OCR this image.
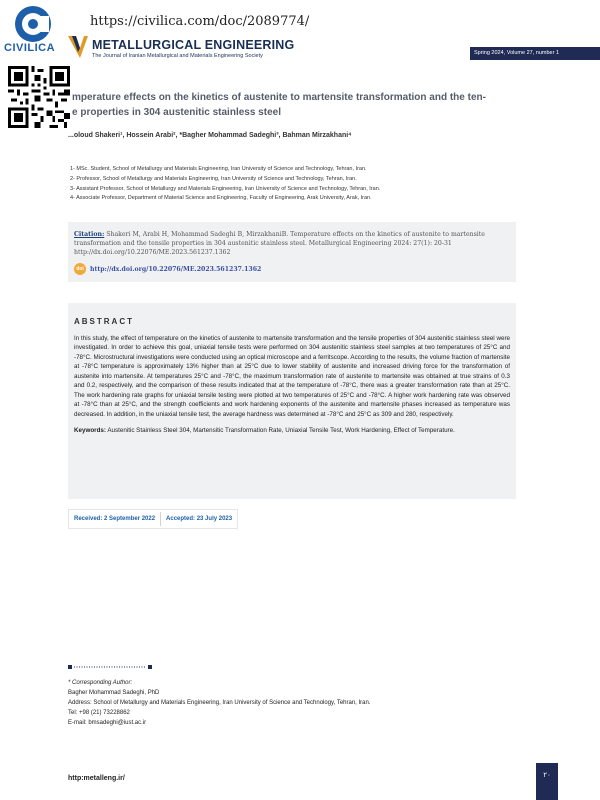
CIVILICA
https://civilica.com/doc/2089774/
METALLURGICAL ENGINEERING
The Journal of Iranian Metallurgical and Materials Engineering Society	Spring 2024, Volume 27, number 1
mperature effects on the kinetics of austenite to martensite transformation and the ten-
e properties in 304 austenitic stainless steel
...oloud Shakeri¹, Hossein Arabi², *Bagher Mohammad Sadeghi³, Bahman Mirzakhani⁴
1- MSc. Student, School of Metallurgy and Materials Engineering, Iran University of Science and Technology, Tehran, Iran.
2- Professor, School of Metallurgy and Materials Engineering, Iran University of Science and Technology, Tehran, Iran.
3- Assistant Professor, School of Metallurgy and Materials Engineering, Iran University of Science and Technology, Tehran, Iran.
4- Associate Professor, Department of Material Science and Engineering, Faculty of Engineering, Arak University, Arak, Iran.
Citation: Shakeri M, Arabi H, Mohammad Sadeghi B, MirzakhaniB. Temperature effects on the kinetics of austenite to martensite transformation and the tensile properties in 304 austenitic stainless steel. Metallurgical Engineering 2024: 27(1): 20-31 http://dx.doi.org/10.22076/ME.2023.561237.1362
doi	http://dx.doi.org/10.22076/ME.2023.561237.1362
ABSTRACT
In this study, the effect of temperature on the kinetics of austenite to martensite transformation and the tensile properties of 304 austenitic stainless steel were investigated. In order to achieve this goal, uniaxial tensile tests were performed on 304 austenitic stainless steel samples at two temperatures of 25°C and -78°C. Microstructural investigations were conducted using an optical microscope and a ferritscope. According to the results, the volume fraction of martensite at -78°C temperature is approximately 13% higher than at 25°C due to lower stability of austenite and increased driving force for the transformation of austenite into martensite. At temperatures 25°C and -78°C, the maximum transformation rate of austenite to martensite was obtained at true strains of 0.3 and 0.2, respectively, and the comparison of these results indicated that at the temperature of -78°C, there was a greater transformation rate than at 25°C. The work hardening rate graphs for uniaxial tensile testing were plotted at two temperatures of 25°C and -78°C. A higher work hardening rate was observed at -78°C than at 25°C, and the strength coefficients and work hardening exponents of the austenite and martensite phases increased as temperature was decreased. In addition, in the uniaxial tensile test, the average hardness was determined at -78°C and 25°C as 309 and 280, respectively.
Keywords: Austenitic Stainless Steel 304, Martensitic Transformation Rate, Uniaxial Tensile Test, Work Hardening, Effect of Temperature.
Received: 2 September 2022	Accepted: 23 July 2023
* Corresponding Author:
Bagher Mohammad Sadeghi, PhD
Address: School of Metallurgy and Materials Engineering, Iran University of Science and Technology, Tehran, Iran.
Tel: +98 (21) 73228862
E-mail: bmsadeghi@iust.ac.ir
http:metalleng.ir/	۲۰
